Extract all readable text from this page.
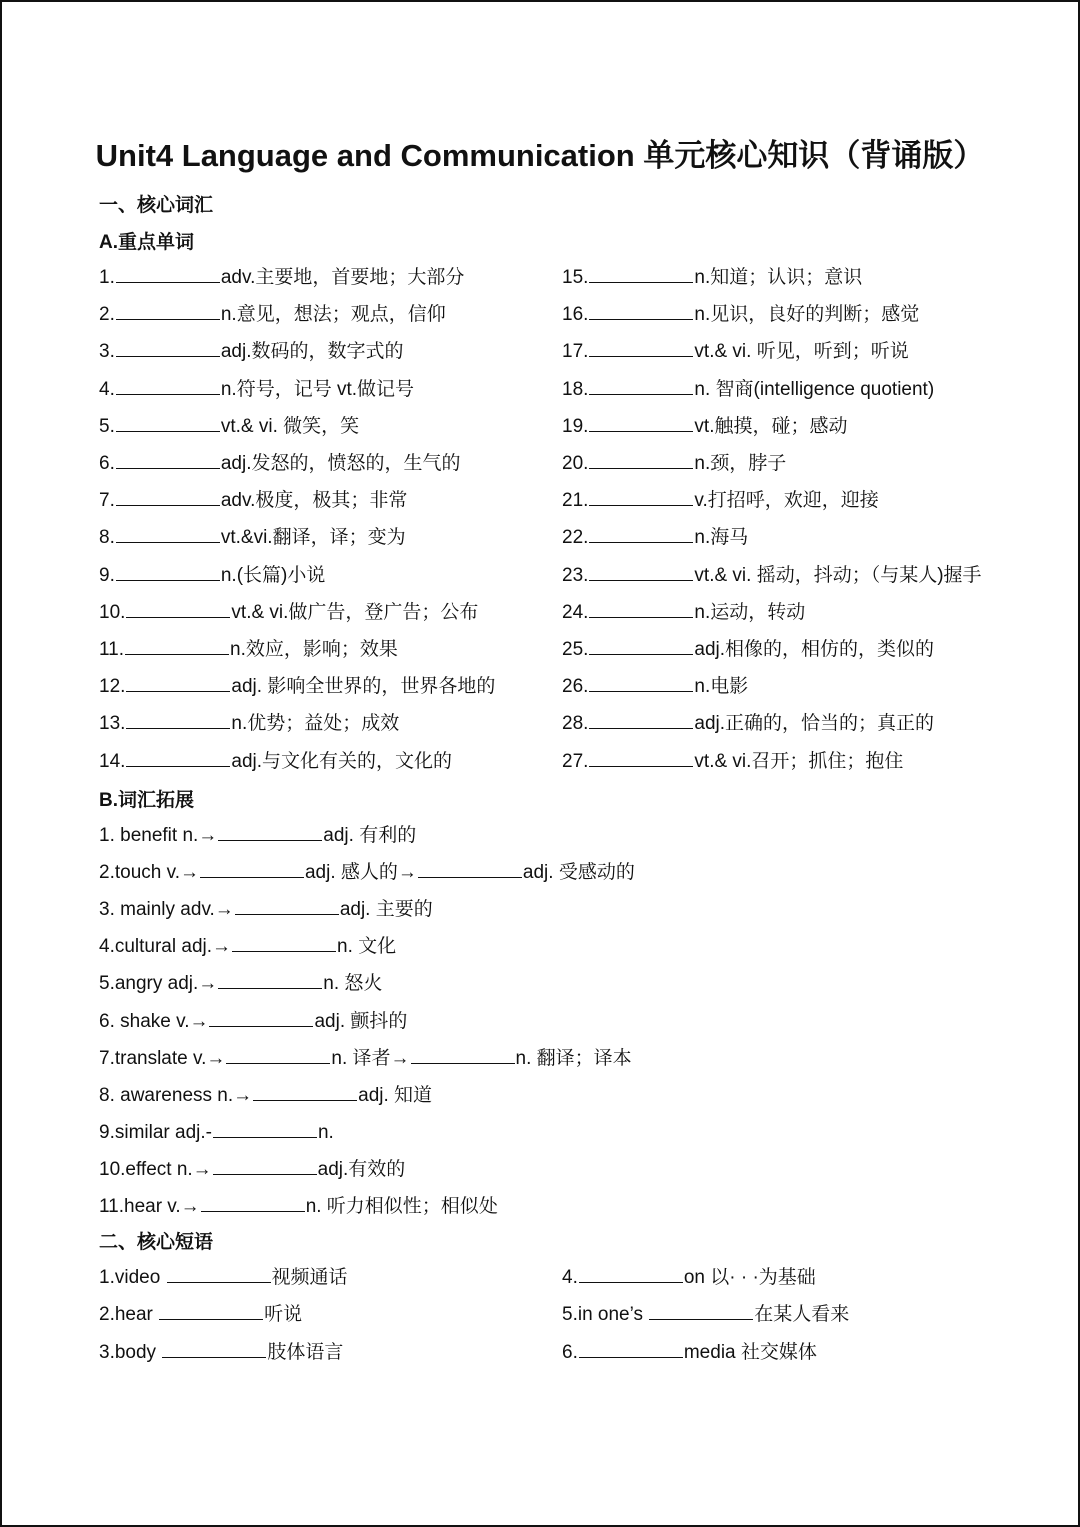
Unit4 Language and Communication 单元核心知识（背诵版）
一、核心词汇
A.重点单词
1.	adv.主要地，首要地；大部分
2.	n.意见，想法；观点，信仰
3.	adj.数码的，数字式的
4.	n.符号，记号 vt.做记号
5.	vt.& vi. 微笑，笑
6.	adj.发怒的，愤怒的，生气的
7.	adv.极度，极其；非常
8.	vt.&vi.翻译，译；变为
9.	n.(长篇)小说
10.	vt.& vi.做广告，登广告；公布
11.	n.效应，影响；效果
12.	adj. 影响全世界的，世界各地的
13.	n.优势；益处；成效
14.	adj.与文化有关的，文化的
15.	n.知道；认识；意识
16.	n.见识，良好的判断；感觉
17.	vt.& vi. 听见，听到；听说
18.	n. 智商(intelligence quotient)
19.	vt.触摸，碰；感动
20.	n.颈，脖子
21.	v.打招呼，欢迎，迎接
22.	n.海马
23.	vt.& vi. 摇动，抖动；（与某人)握手
24.	n.运动，转动
25.	adj.相像的，相仿的，类似的
26.	n.电影
28.	adj.正确的，恰当的；真正的
27.	vt.& vi.召开；抓住；抱住
B.词汇拓展
1. benefit n.→	adj. 有利的
2.touch v.→	adj. 感人的→	adj. 受感动的
3. mainly adv.→	adj. 主要的
4.cultural adj.→	n. 文化
5.angry adj.→	n. 怒火
6. shake v.→	adj. 颤抖的
7.translate v.→	n. 译者→	n. 翻译；译本
8. awareness n.→	adj. 知道
9.similar adj.-	n.
10.effect n.→	adj.有效的
11.hear v.→	n. 听力相似性；相似处
二、核心短语
1.video	视频通话
2.hear	听说
3.body	肢体语言
4.	on 以· · ·为基础
5.in one’s	在某人看来
6.	media 社交媒体
